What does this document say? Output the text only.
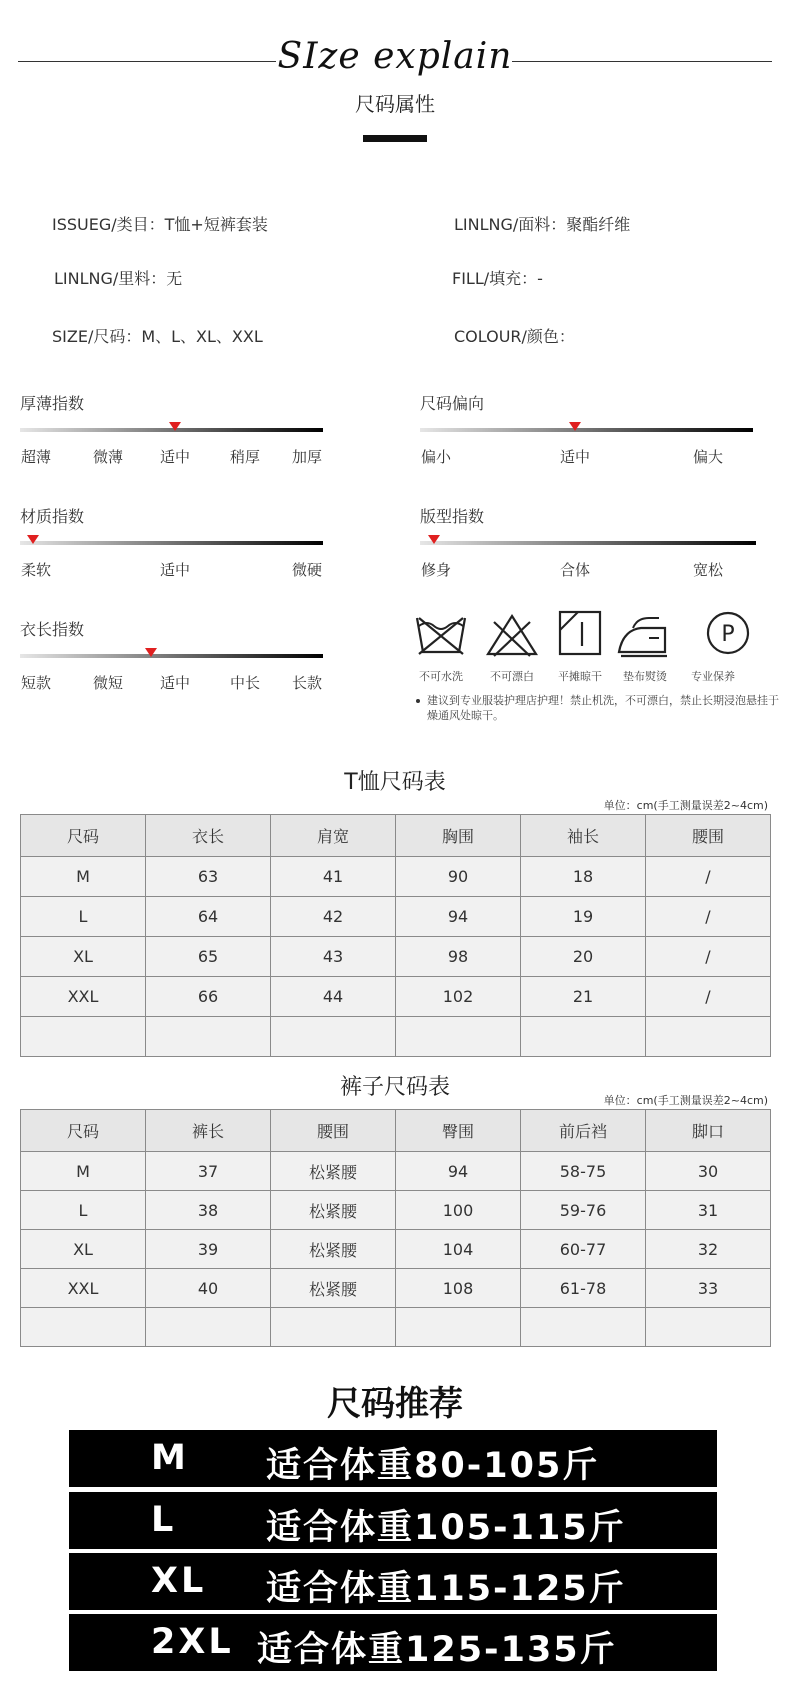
SIze explain
尺码属性
ISSUEG/类目：T恤+短裤套装	LINLNG/面料：聚酯纤维
LINLNG/里料：无	FILL/填充：-
SIZE/尺码：M、L、XL、XXL	COLOUR/颜色：
厚薄指数
超薄	微薄 适中	稍厚 加厚
尺码偏向
偏小	适中	偏大
材质指数
柔软	适中	微硬
版型指数
修身	合体	宽松
衣长指数
短款	微短 适中	中长 长款
P
不可水洗 不可漂白 平摊晾干 垫布熨烫 专业保养
建议到专业服装护理店护理！禁止机洗，不可漂白，禁止长期浸泡悬挂于燥通风处晾干。
T恤尺码表
单位：cm(手工测量误差2~4cm)
尺码	衣长	肩宽	胸围	袖长	腰围
M	63	41	90	18	/
L	64	42	94	19	/
XL	65	43	98	20	/
XXL	66	44	102	21	/

裤子尺码表
单位：cm(手工测量误差2~4cm)
尺码	裤长	腰围	臀围	前后裆	脚口
M	37	松紧腰	94	58-75	30
L	38	松紧腰	100	59-76	31
XL	39	松紧腰	104	60-77	32
XXL	40	松紧腰	108	61-78	33

尺码推荐
M 适合体重80-105斤
L	适合体重105-115斤
XL 适合体重115-125斤
2XL 适合体重125-135斤
